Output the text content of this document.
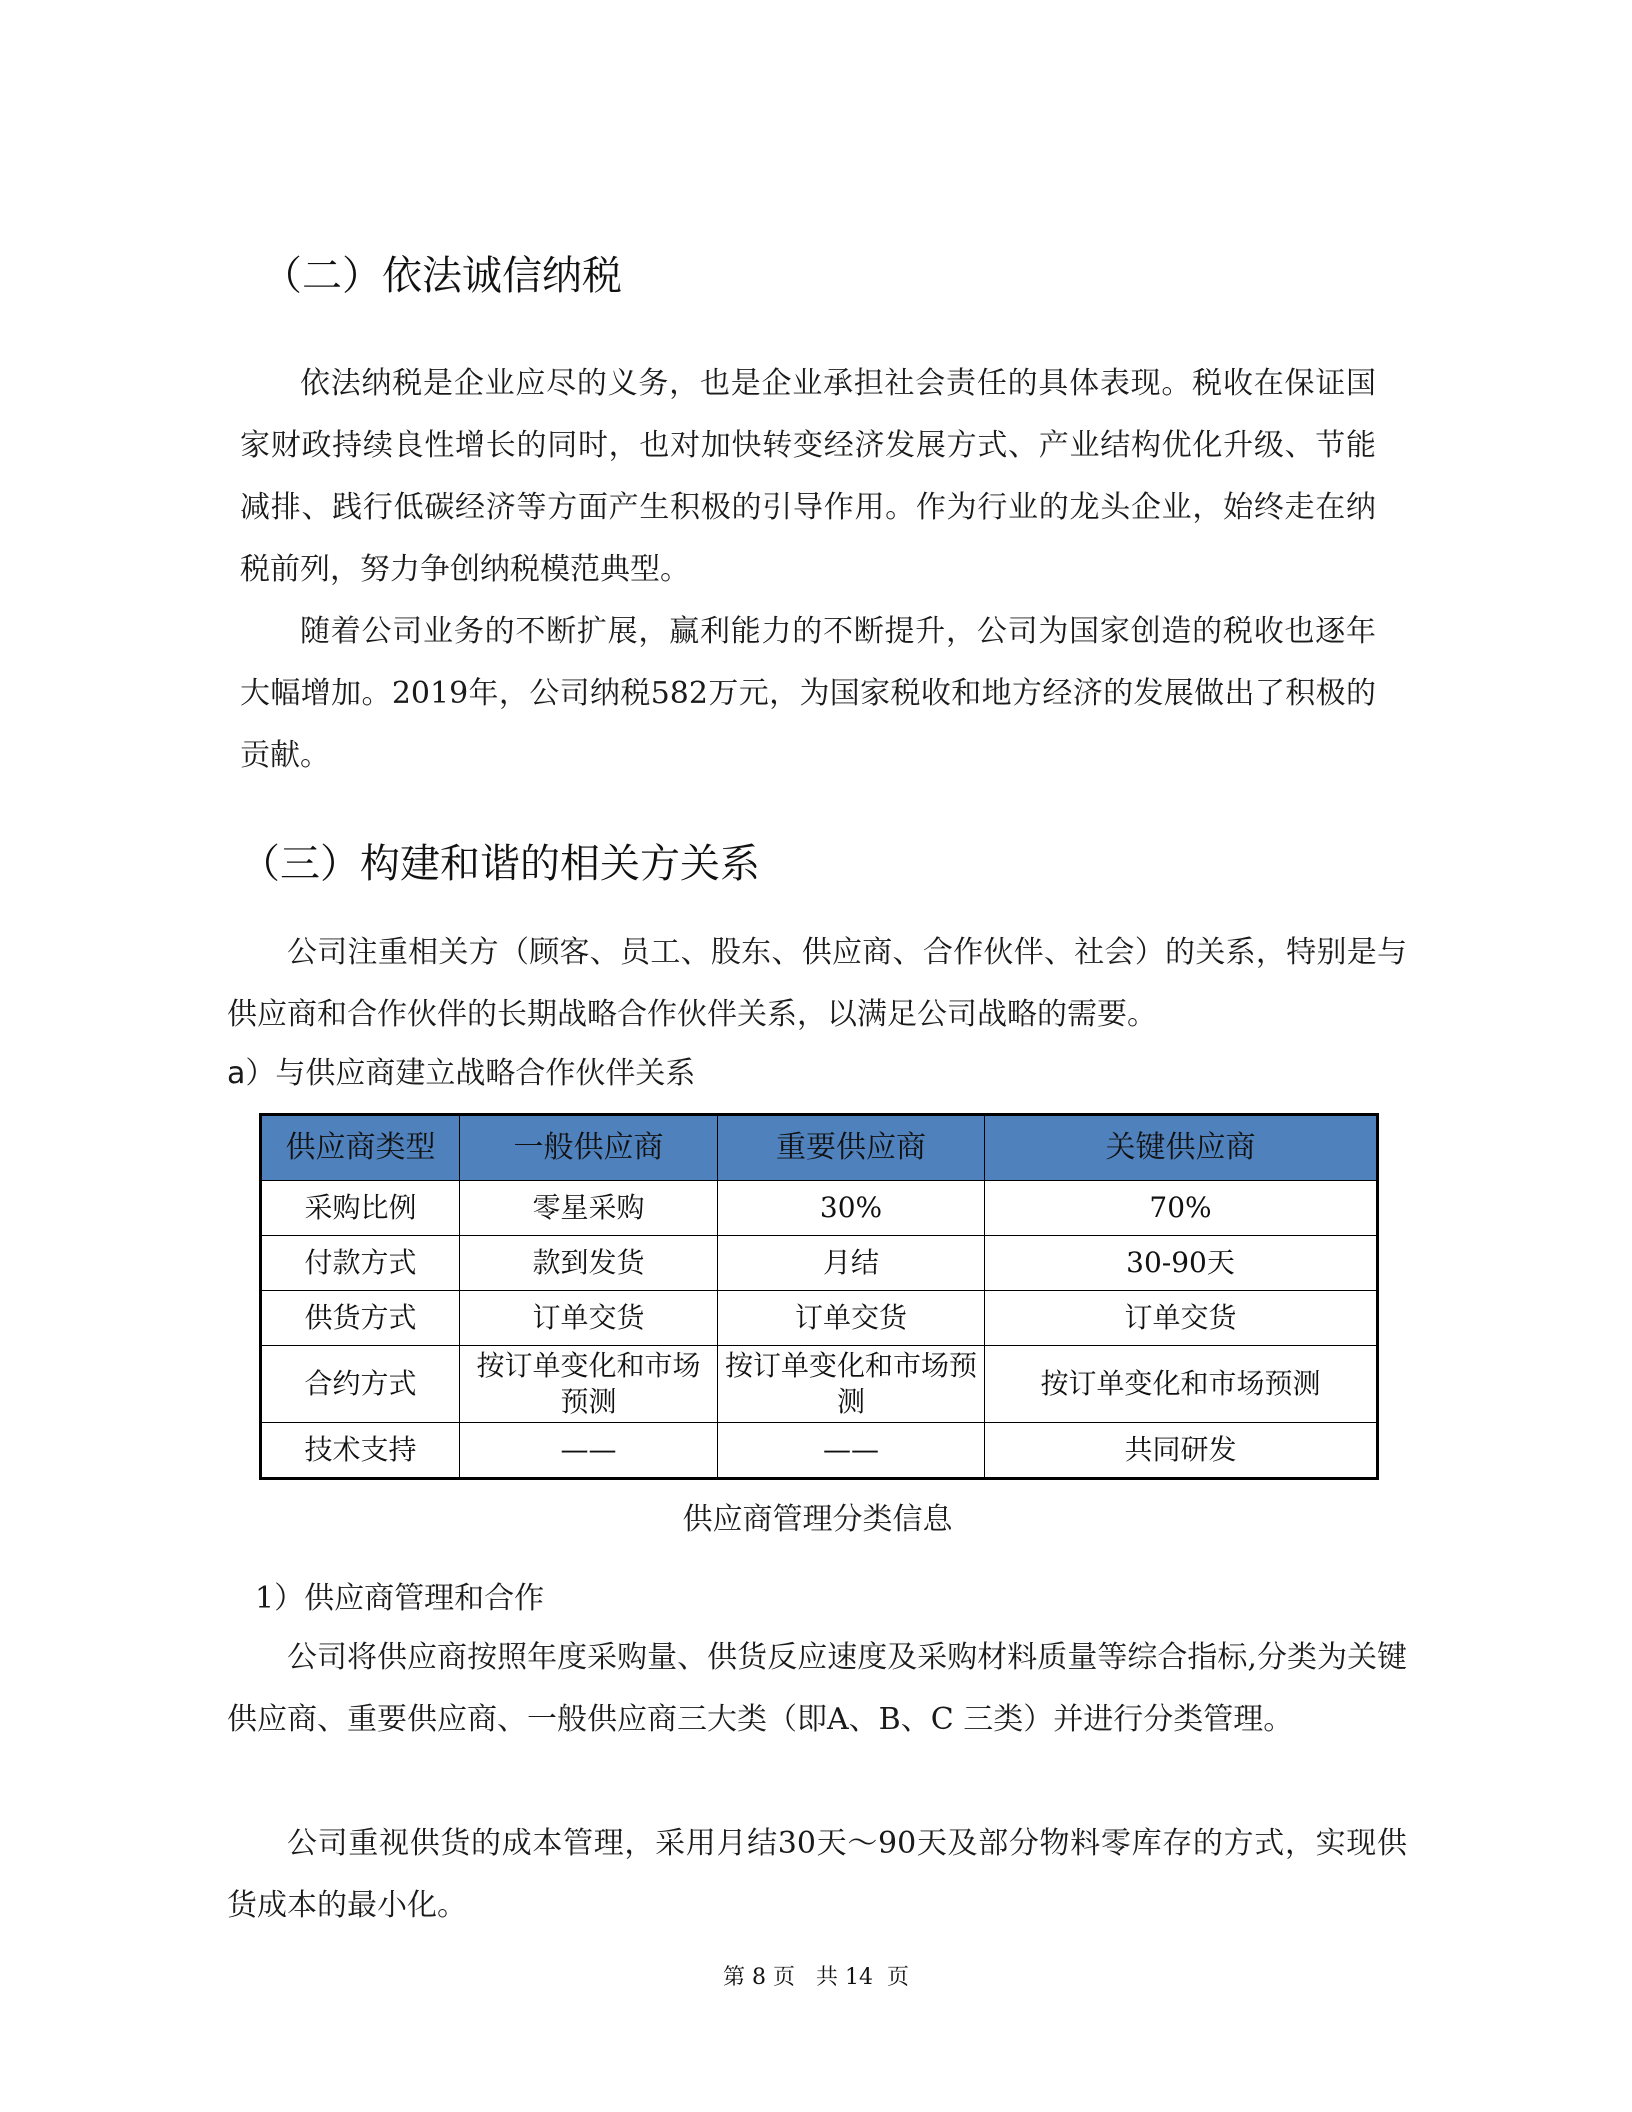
（二）依法诚信纳税

依法纳税是企业应尽的义务，也是企业承担社会责任的具体表现。税收在保证国家财政持续良性增长的同时，也对加快转变经济发展方式、产业结构优化升级、节能减排、践行低碳经济等方面产生积极的引导作用。作为行业的龙头企业，始终走在纳税前列，努力争创纳税模范典型。

随着公司业务的不断扩展，赢利能力的不断提升，公司为国家创造的税收也逐年大幅增加。2019年，公司纳税582万元，为国家税收和地方经济的发展做出了积极的贡献。

（三）构建和谐的相关方关系

公司注重相关方（顾客、员工、股东、供应商、合作伙伴、社会）的关系，特别是与供应商和合作伙伴的长期战略合作伙伴关系，以满足公司战略的需要。

a）与供应商建立战略合作伙伴关系
供应商类型	一般供应商	重要供应商	关键供应商
采购比例	零星采购	30%	70%
付款方式	款到发货	月结	30-90天
供货方式	订单交货	订单交货	订单交货
合约方式	按订单变化和市场预测	按订单变化和市场预测	按订单变化和市场预测
技术支持	——	——	共同研发
供应商管理分类信息
1）供应商管理和合作

公司将供应商按照年度采购量、供货反应速度及采购材料质量等综合指标,分类为关键供应商、重要供应商、一般供应商三大类（即A、B、C 三类）并进行分类管理。

公司重视供货的成本管理，采用月结30天～90天及部分物料零库存的方式，实现供货成本的最小化。

第 8 页   共 14  页
